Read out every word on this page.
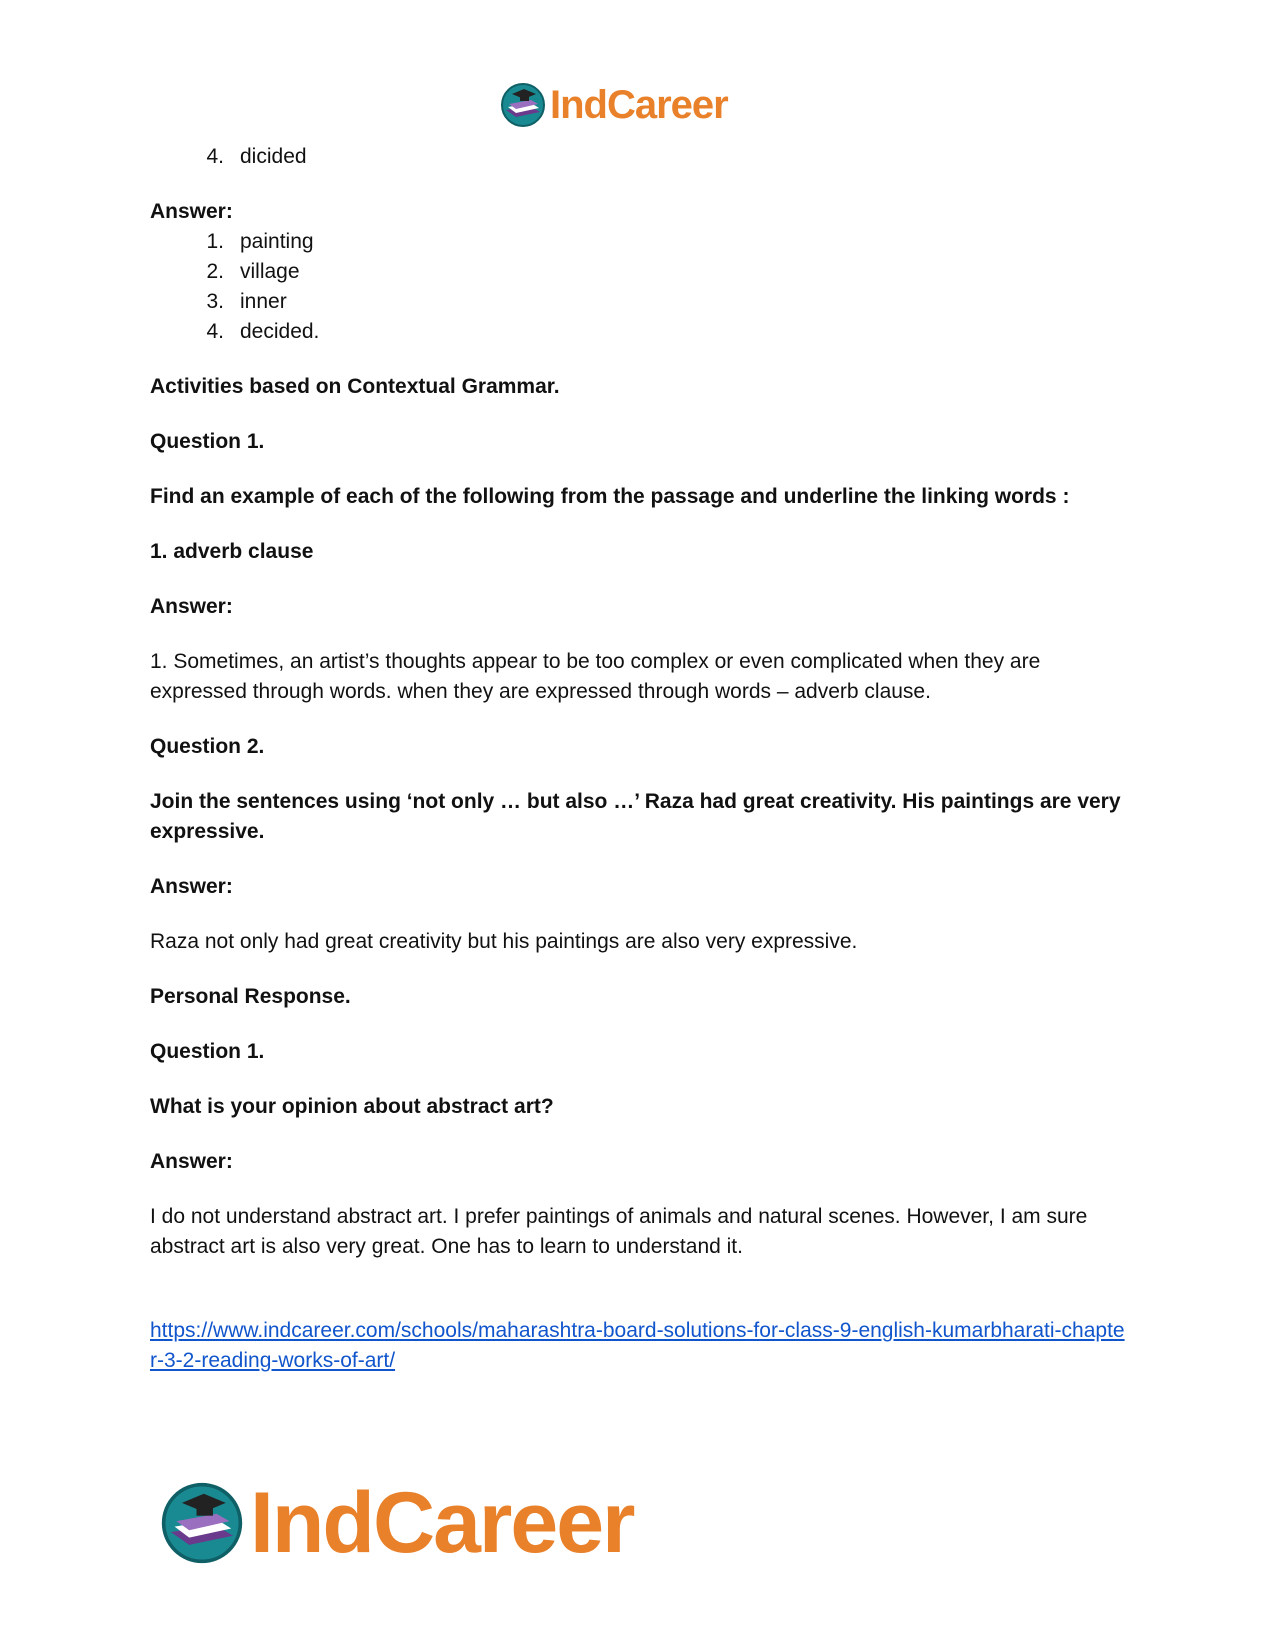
IndCareer
4. dicided

Answer:

1. painting
2. village
3. inner
4. decided.

Activities based on Contextual Grammar.

Question 1.

Find an example of each of the following from the passage and underline the linking words :

1. adverb clause

Answer:

1. Sometimes, an artist’s thoughts appear to be too complex or even complicated when they are expressed through words. when they are expressed through words – adverb clause.

Question 2.

Join the sentences using ‘not only … but also …’ Raza had great creativity. His paintings are very expressive.

Answer:

Raza not only had great creativity but his paintings are also very expressive.

Personal Response.

Question 1.

What is your opinion about abstract art?

Answer:

I do not understand abstract art. I prefer paintings of animals and natural scenes. However, I am sure abstract art is also very great. One has to learn to understand it.

https://www.indcareer.com/schools/maharashtra-board-solutions-for-class-9-english-kumarbharati-chapter-3-2-reading-works-of-art/

IndCareer
